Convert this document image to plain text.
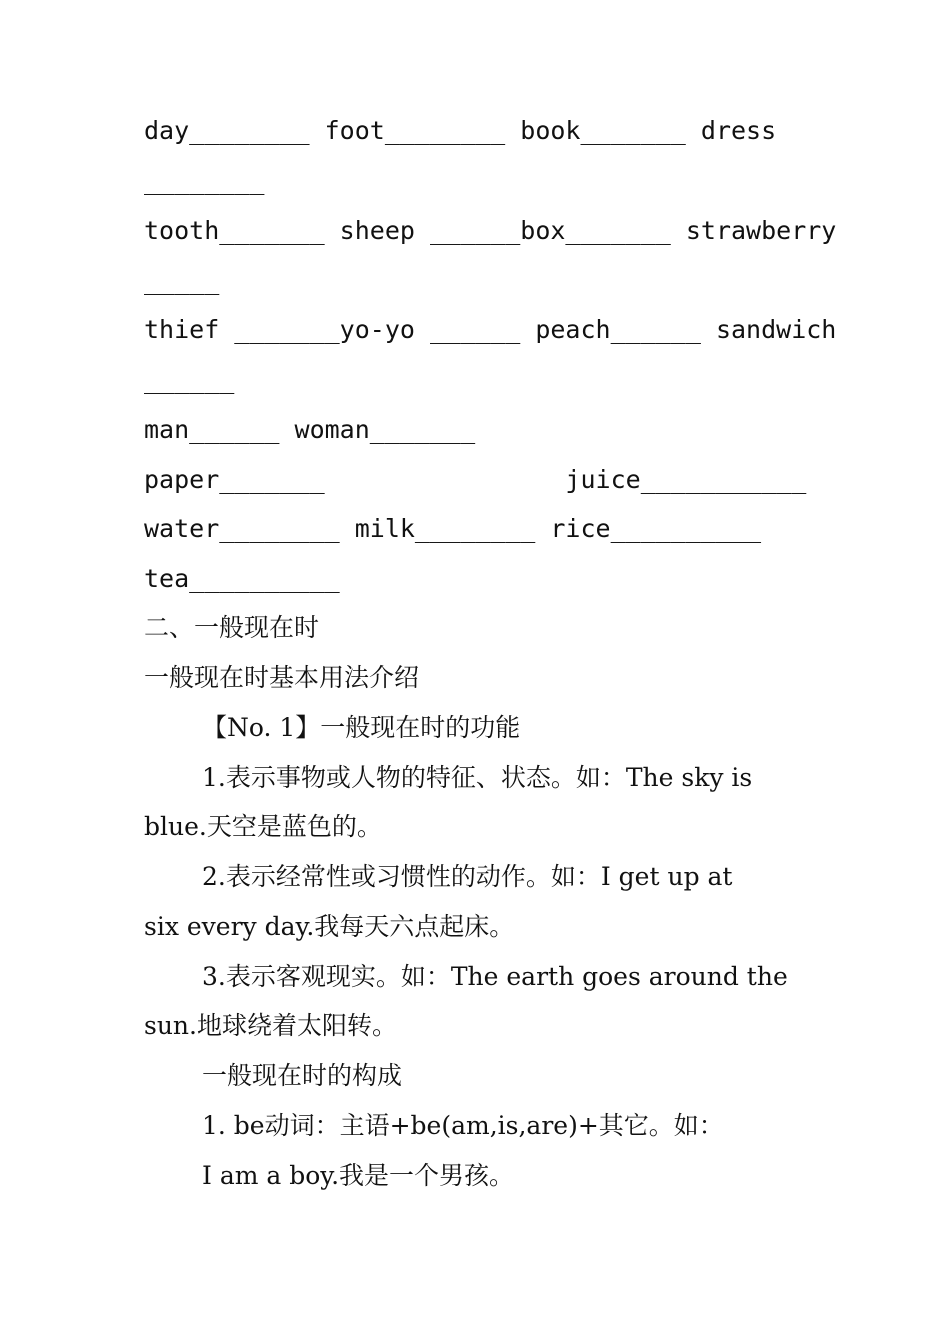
day________ foot________ book_______ dress
________
tooth_______ sheep ______box_______ strawberry
_____
thief _______yo-yo ______ peach______ sandwich
______
man______ woman_______
paper_______                juice___________
water________ milk________ rice__________
tea__________
二、一般现在时
一般现在时基本用法介绍
【No. 1】一般现在时的功能
1.表示事物或人物的特征、状态。如：The sky is
blue.天空是蓝色的。
2.表示经常性或习惯性的动作。如：I get up at
six every day.我每天六点起床。
3.表示客观现实。如：The earth goes around the
sun.地球绕着太阳转。
一般现在时的构成
1. be动词：主语+be(am,is,are)+其它。如：
I am a boy.我是一个男孩。
